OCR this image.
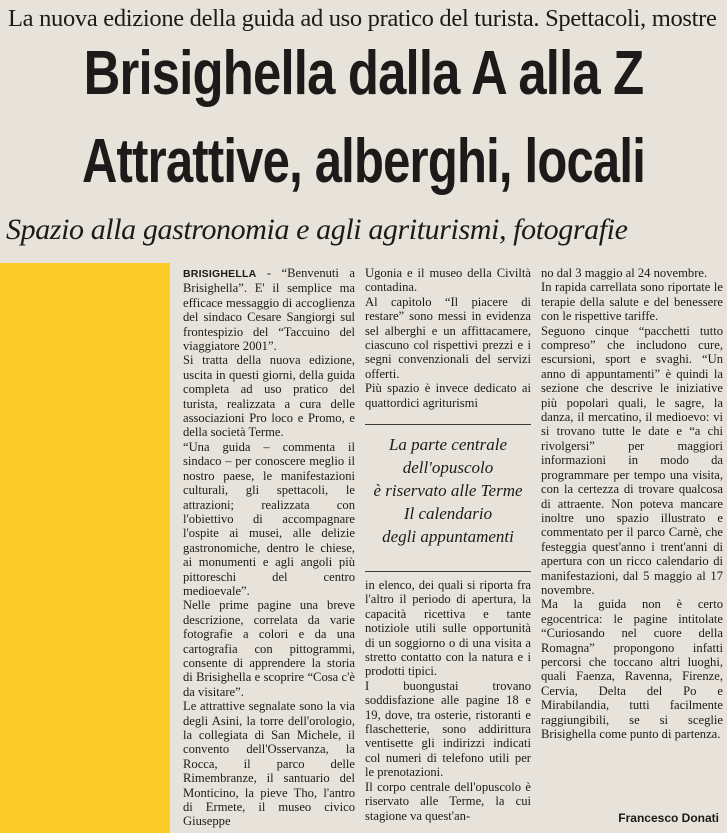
La nuova edizione della guida ad uso pratico del turista. Spettacoli, mostre
Brisighella dalla A alla Z
Attrattive, alberghi, locali
Spazio alla gastronomia e agli agriturismi, fotografie

BRISIGHELLA - “Benvenuti a Brisighella”. E' il semplice ma efficace messaggio di accoglienza del sindaco Cesare Sangiorgi sul frontespizio del “Taccuino del viaggiatore 2001”.

Si tratta della nuova edizione, uscita in questi giorni, della guida completa ad uso pratico del turista, realizzata a cura delle associazioni Pro loco e Promo, e della società Terme.

“Una guida – commenta il sindaco – per conoscere meglio il nostro paese, le manifestazioni culturali, gli spettacoli, le attrazioni; realizzata con l'obiettivo di accompagnare l'ospite ai musei, alle delizie gastronomiche, dentro le chiese, ai monumenti e agli angoli più pittoreschi del centro medioevale”.

Nelle prime pagine una breve descrizione, correlata da varie fotografie a colori e da una cartografia con pittogrammi, consente di apprendere la storia di Brisighella e scoprire “Cosa c'è da visitare”.

Le attrattive segnalate sono la via degli Asini, la torre dell'orologio, la collegiata di San Michele, il convento dell'Osservanza, la Rocca, il parco delle Rimembranze, il santuario del Monticino, la pieve Tho, l'antro di Ermete, il museo civico Giuseppe

Ugonia e il museo della Civiltà contadina.

Al capitolo “Il piacere di restare” sono messi in evidenza sel alberghi e un affittacamere, ciascuno col rispettivi prezzi e i segni convenzionali del servizi offerti.

Più spazio è invece dedicato ai quattordici agriturismi

La parte centrale
dell'opuscolo
è riservato alle Terme
Il calendario
degli appuntamenti

in elenco, dei quali si riporta fra l'altro il periodo di apertura, la capacità ricettiva e tante notiziole utili sulle opportunità di un soggiorno o di una visita a stretto contatto con la natura e i prodotti tipici.

I buongustai trovano soddisfazione alle pagine 18 e 19, dove, tra osterie, ristoranti e flaschetterie, sono addirittura ventisette gli indirizzi indicati col numeri di telefono utili per le prenotazioni.

Il corpo centrale dell'opuscolo è riservato alle Terme, la cui stagione va quest'an-

no dal 3 maggio al 24 novembre.

In rapida carrellata sono riportate le terapie della salute e del benessere con le rispettive tariffe.

Seguono cinque “pacchetti tutto compreso” che includono cure, escursioni, sport e svaghi. “Un anno di appuntamenti” è quindi la sezione che descrive le iniziative più popolari quali, le sagre, la danza, il mercatino, il medioevo: vi si trovano tutte le date e “a chi rivolgersi” per maggiori informazioni in modo da programmare per tempo una visita, con la certezza di trovare qualcosa di attraente. Non poteva mancare inoltre uno spazio illustrato e commentato per il parco Carnè, che festeggia quest'anno i trent'anni di apertura con un ricco calendario di manifestazioni, dal 5 maggio al 17 novembre.

Ma la guida non è certo egocentrica: le pagine intitolate “Curiosando nel cuore della Romagna” propongono infatti percorsi che toccano altri luoghi, quali Faenza, Ravenna, Firenze, Cervia, Delta del Po e Mirabilandia, tutti facilmente raggiungibili, se si sceglie Brisighella come punto di partenza.

Francesco Donati
